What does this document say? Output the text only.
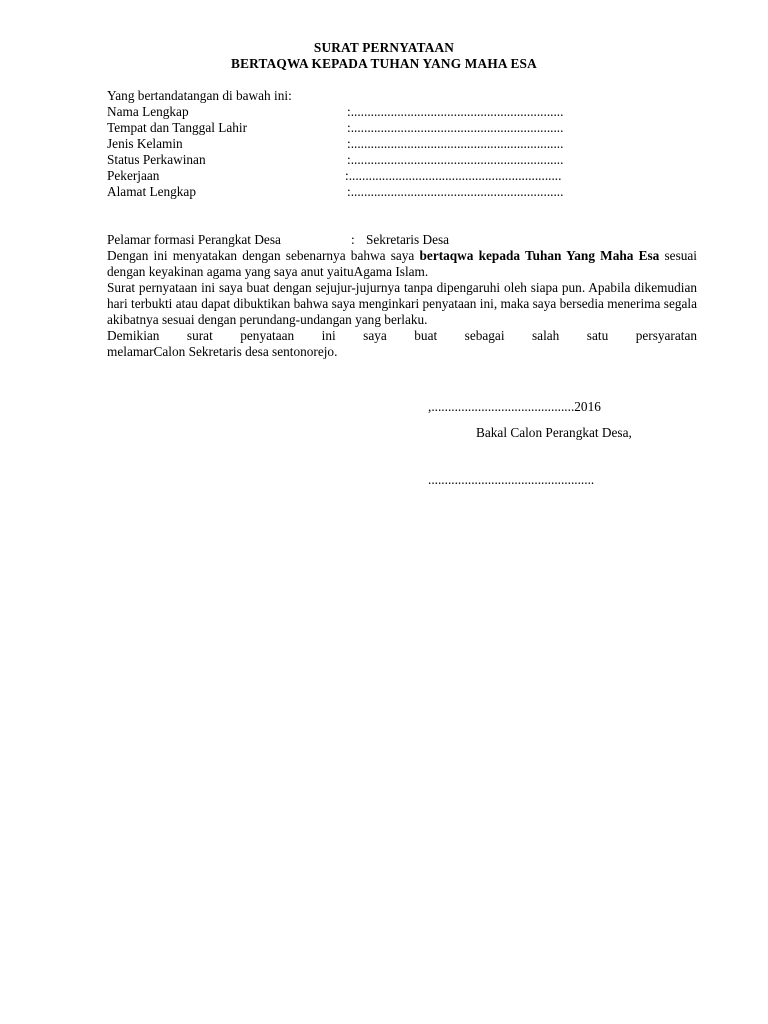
SURAT PERNYATAAN
BERTAQWA KEPADA TUHAN YANG MAHA ESA
Yang bertandatangan di bawah ini:
Nama Lengkap	:................................................................
Tempat dan Tanggal Lahir	:................................................................
Jenis Kelamin	:................................................................
Status Perkawinan	:................................................................
Pekerjaan	:................................................................
Alamat Lengkap	:................................................................
Pelamar formasi Perangkat Desa	: Sekretaris Desa

Dengan ini menyatakan dengan sebenarnya bahwa saya bertaqwa kepada Tuhan Yang Maha Esa sesuai dengan keyakinan agama yang saya anut yaituAgama Islam.

Surat pernyataan ini saya buat dengan sejujur-jujurnya tanpa dipengaruhi oleh siapa pun. Apabila dikemudian hari terbukti atau dapat dibuktikan bahwa saya menginkari penyataan ini, maka saya bersedia menerima segala akibatnya sesuai dengan perundang-undangan yang berlaku.

Demikian surat penyataan ini saya buat sebagai salah satu persyaratan

melamarCalon Sekretaris desa sentonorejo.

,...........................................2016
Bakal Calon Perangkat Desa,
..................................................
